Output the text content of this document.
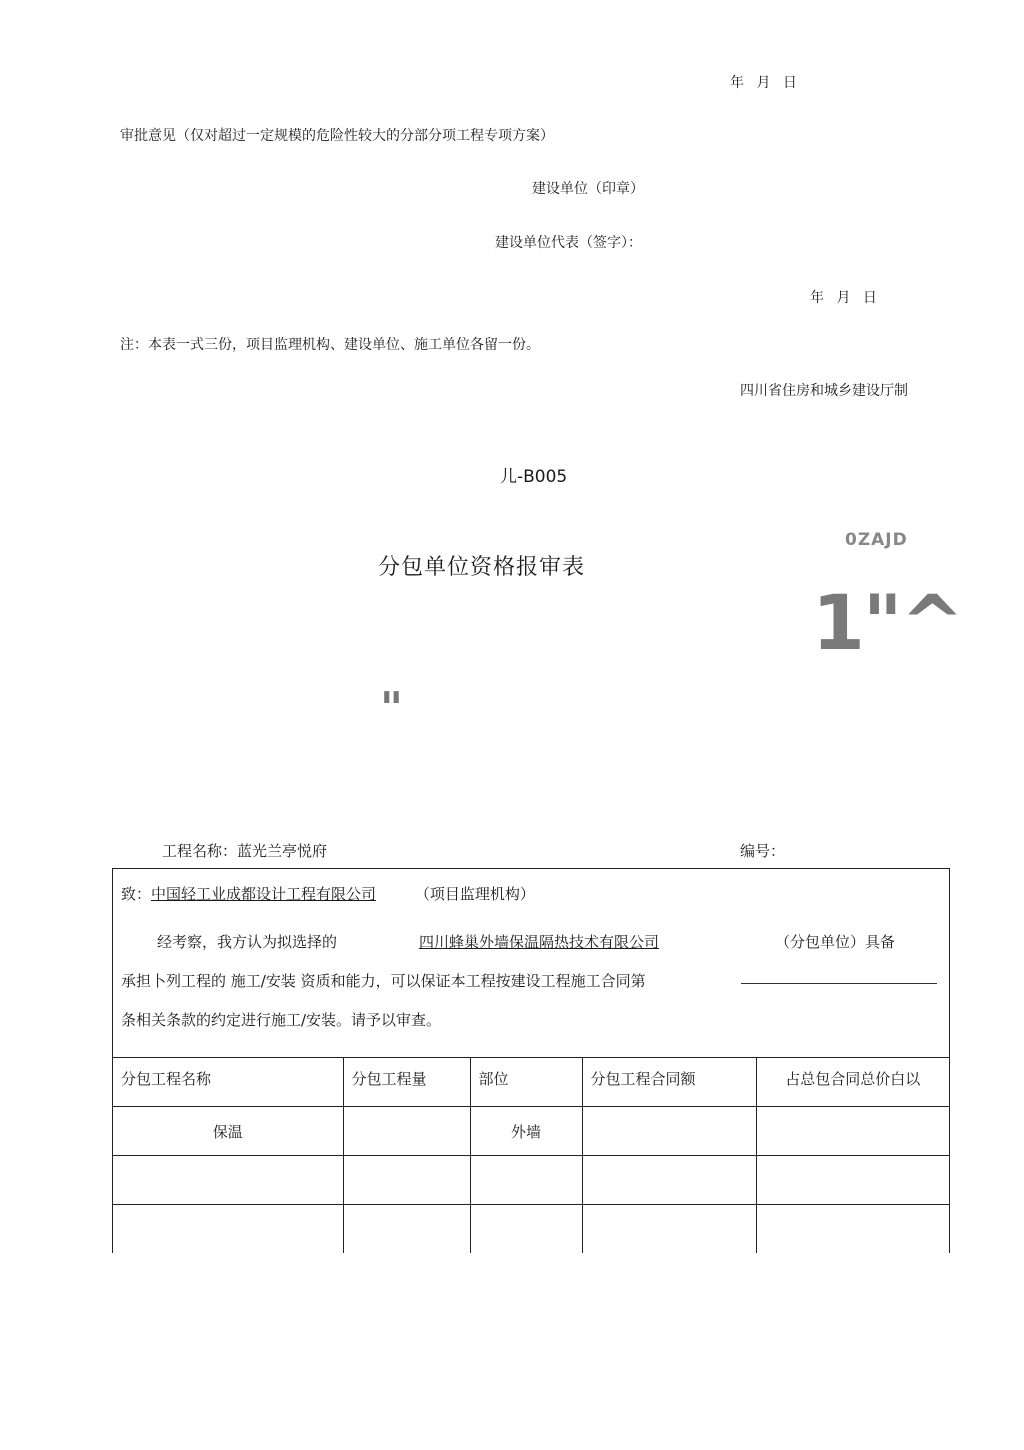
年 月 日
审批意见（仅对超过一定规模的危险性较大的分部分项工程专项方案）
建设单位（印章）
建设单位代表（签字）：
年 月 日
注：本表一式三份，项目监理机构、建设单位、施工单位各留一份。
四川省住房和城乡建设厅制
儿-B005
0ZAJD
分包单位资格报审表
1"^
"
工程名称：蓝光兰亭悦府	编号：
致：中国轻工业成都设计工程有限公司	（项目监理机构）
经考察，我方认为拟选择的	四川蜂巢外墙保温隔热技术有限公司	（分包单位）具备
承担卜列工程的 施工/安装 资质和能力，可以保证本工程按建设工程施工合同第
条相关条款的约定进行施工/安装。请予以审查。
分包工程名称	分包工程量	部位	分包工程合同额	占总包合同总价白以
保温		外墙		
